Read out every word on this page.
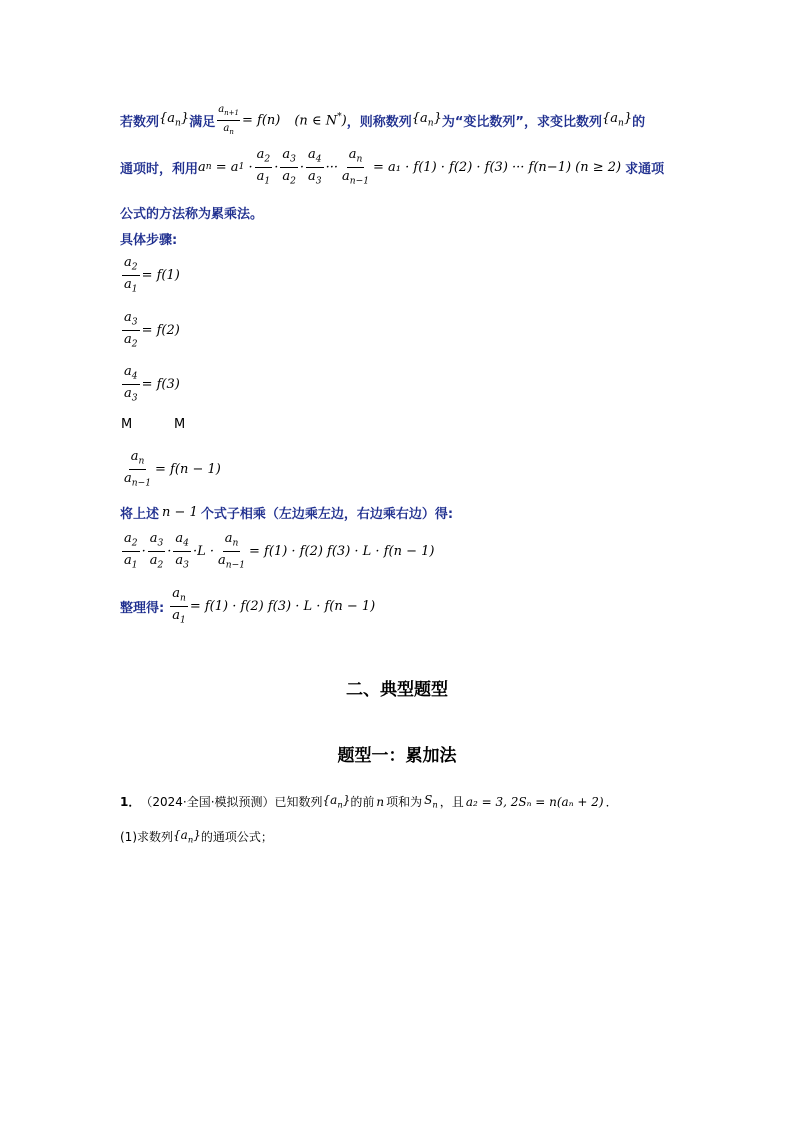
若数列 $\{a_n\}$ 满足 $\frac{a_{n+1}}{a_n} = f(n)$ (n ∈ N*) ，则称数列 $\{a_n\}$ 为“变比数列”，求变比数列 $\{a_n\}$ 的
通项时，利用 a n = a $1 \cdot \frac{a_2}{a_1} \cdot \frac{a_3}{a_2} \cdot \frac{a_4}{a_3}$ ··· $\frac{a_n}{a_{n-1}} = a_1 \cdot f(1) \cdot f(2) \cdot f(3)$ ··· f(n−1) (n ≥ 2) 求通项
公式的方法称为累乘法。
具体步骤:
$\frac{a_2}{a_1} = f(1)$
$\frac{a_3}{a_2} = f(2)$
$\frac{a_4}{a_3} = f(3)$
M	M
$\frac{a_n}{a_{n-1}} = f(n - 1)$
将上述 n − 1 个式子相乘（左边乘左边，右边乘右边）得:
$\frac{a_2}{a_1} \cdot \frac{a_3}{a_2} \cdot \frac{a_4}{a_3} \cdot L \cdot \frac{a_n}{a_{n-1}} = f(1) \cdot f(2) f(3) \cdot L \cdot f(n - 1)$
整理得: $\frac{a_n}{a_1} = f(1) \cdot f(2) f(3) \cdot L \cdot f(n - 1)$
二、典型题型
题型一：累加法
1． （2024·全国·模拟预测） 已知数列 $\{a_n\}$ 的前 n 项和为 $S_n$ ，且 a₂ = 3, 2Sₙ = n(aₙ + 2) ．
(1) 求数列 $\{a_n\}$ 的通项公式；
